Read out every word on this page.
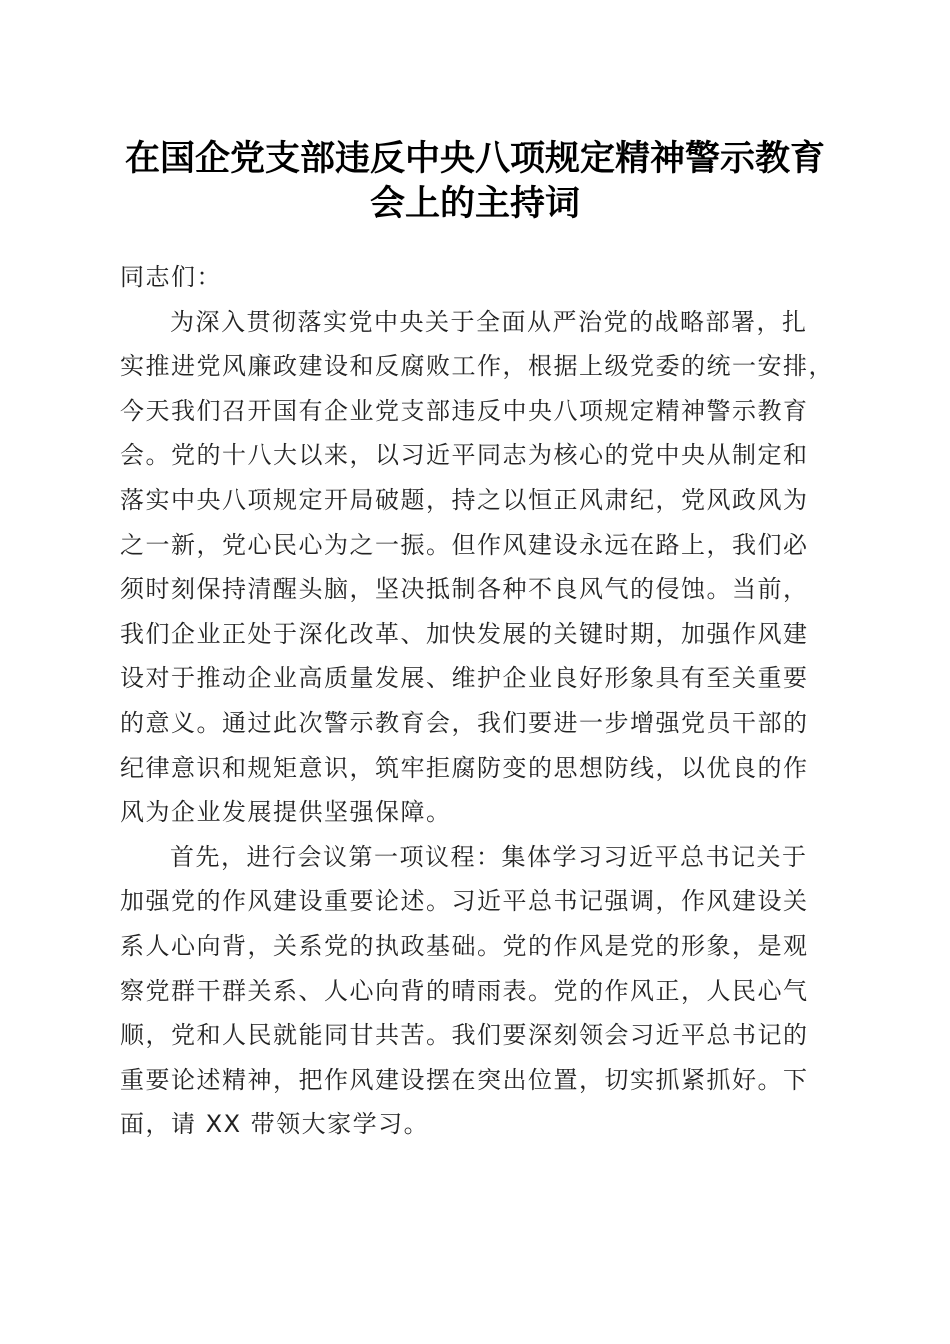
在国企党支部违反中央八项规定精神警示教育
会上的主持词
同志们：
为深入贯彻落实党中央关于全面从严治党的战略部署，扎
实推进党风廉政建设和反腐败工作，根据上级党委的统一安排，
今天我们召开国有企业党支部违反中央八项规定精神警示教育
会。党的十八大以来，以习近平同志为核心的党中央从制定和
落实中央八项规定开局破题，持之以恒正风肃纪，党风政风为
之一新，党心民心为之一振。但作风建设永远在路上，我们必
须时刻保持清醒头脑，坚决抵制各种不良风气的侵蚀。当前，
我们企业正处于深化改革、加快发展的关键时期，加强作风建
设对于推动企业高质量发展、维护企业良好形象具有至关重要
的意义。通过此次警示教育会，我们要进一步增强党员干部的
纪律意识和规矩意识，筑牢拒腐防变的思想防线，以优良的作
风为企业发展提供坚强保障。
首先，进行会议第一项议程：集体学习习近平总书记关于
加强党的作风建设重要论述。习近平总书记强调，作风建设关
系人心向背，关系党的执政基础。党的作风是党的形象，是观
察党群干群关系、人心向背的晴雨表。党的作风正，人民心气
顺，党和人民就能同甘共苦。我们要深刻领会习近平总书记的
重要论述精神，把作风建设摆在突出位置，切实抓紧抓好。下
面，请 XX 带领大家学习。
